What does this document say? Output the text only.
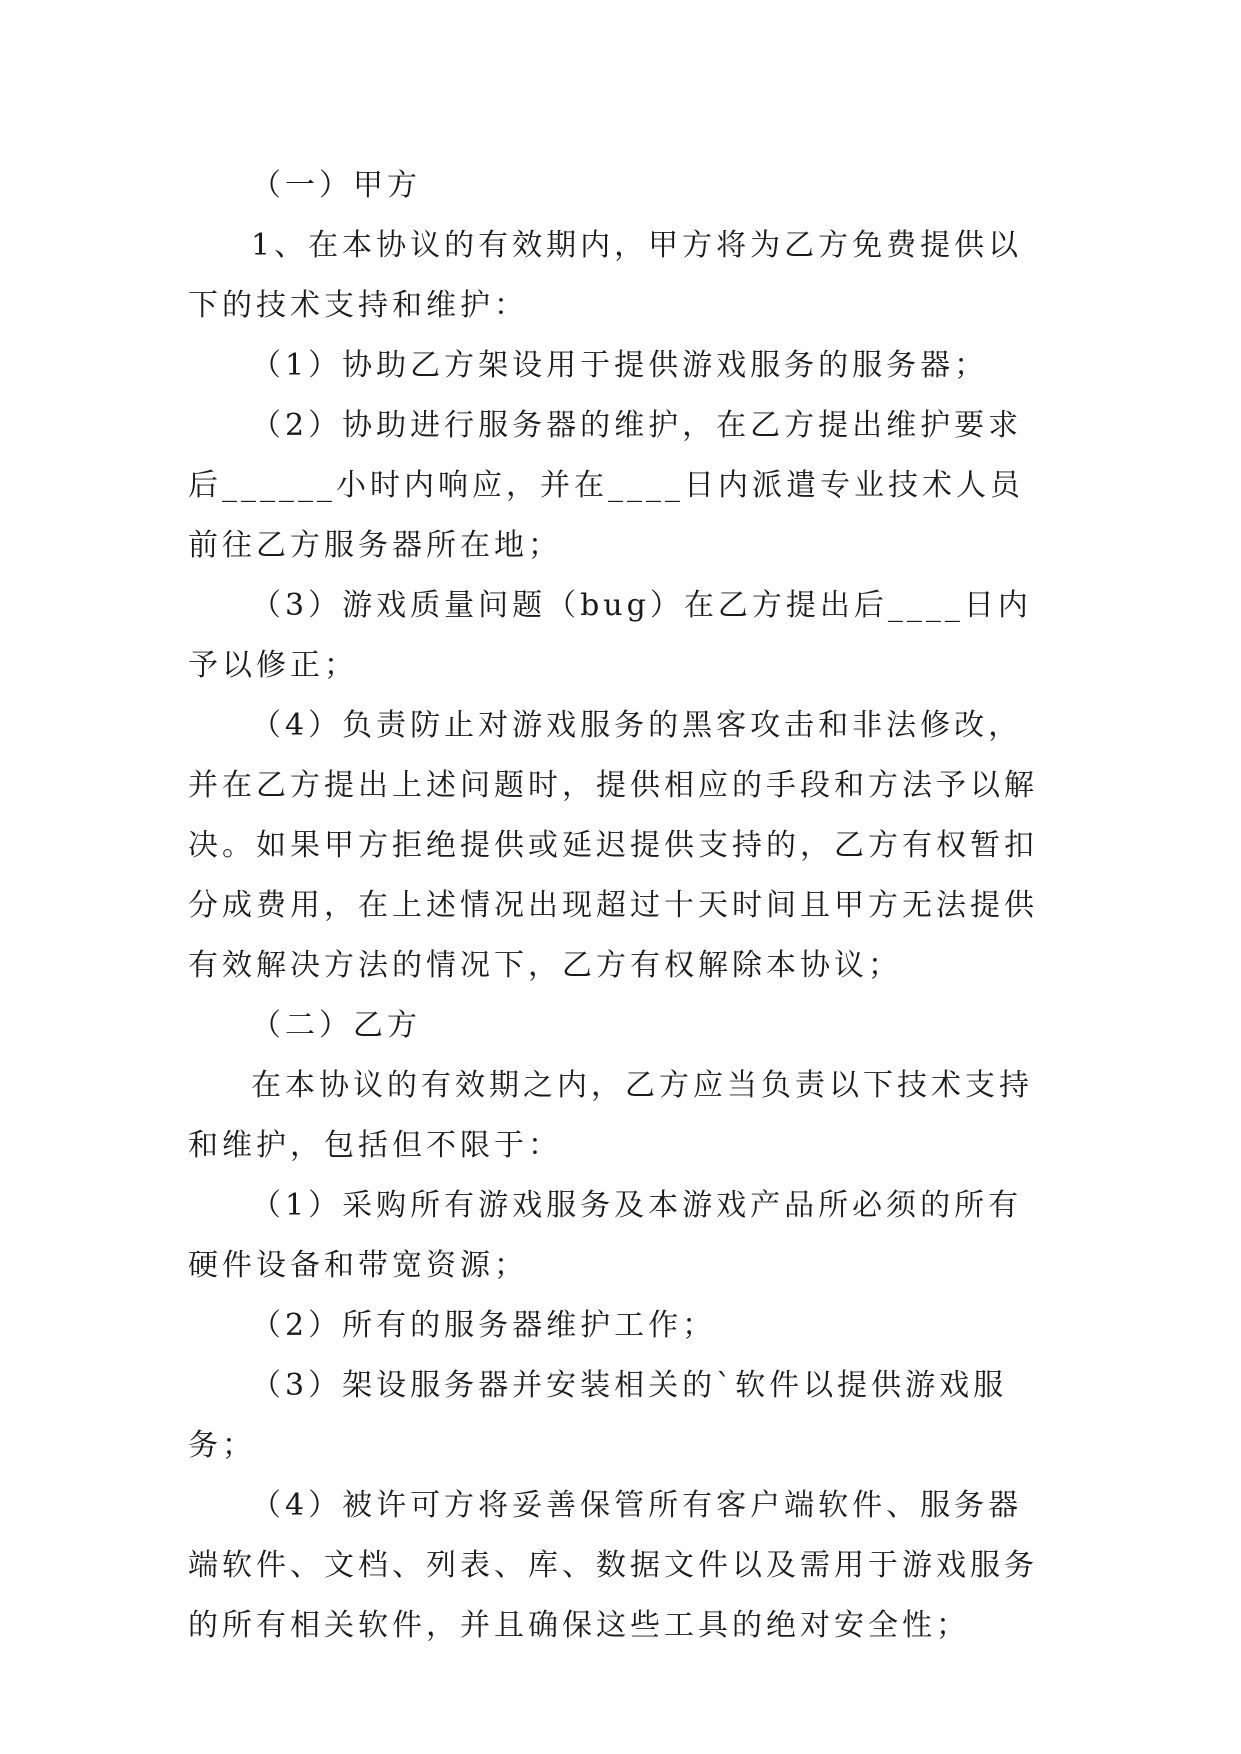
（一）甲方

1、在本协议的有效期内，甲方将为乙方免费提供以下的技术支持和维护：

（1）协助乙方架设用于提供游戏服务的服务器；

（2）协助进行服务器的维护，在乙方提出维护要求后______小时内响应，并在____日内派遣专业技术人员前往乙方服务器所在地；

（3）游戏质量问题（bug）在乙方提出后____日内予以修正；

（4）负责防止对游戏服务的黑客攻击和非法修改，并在乙方提出上述问题时，提供相应的手段和方法予以解决。如果甲方拒绝提供或延迟提供支持的，乙方有权暂扣分成费用，在上述情况出现超过十天时间且甲方无法提供有效解决方法的情况下，乙方有权解除本协议；

（二）乙方

在本协议的有效期之内，乙方应当负责以下技术支持和维护，包括但不限于：

（1）采购所有游戏服务及本游戏产品所必须的所有硬件设备和带宽资源；

（2）所有的服务器维护工作；

（3）架设服务器并安装相关的`软件以提供游戏服务；

（4）被许可方将妥善保管所有客户端软件、服务器端软件、文档、列表、库、数据文件以及需用于游戏服务的所有相关软件，并且确保这些工具的绝对安全性；
